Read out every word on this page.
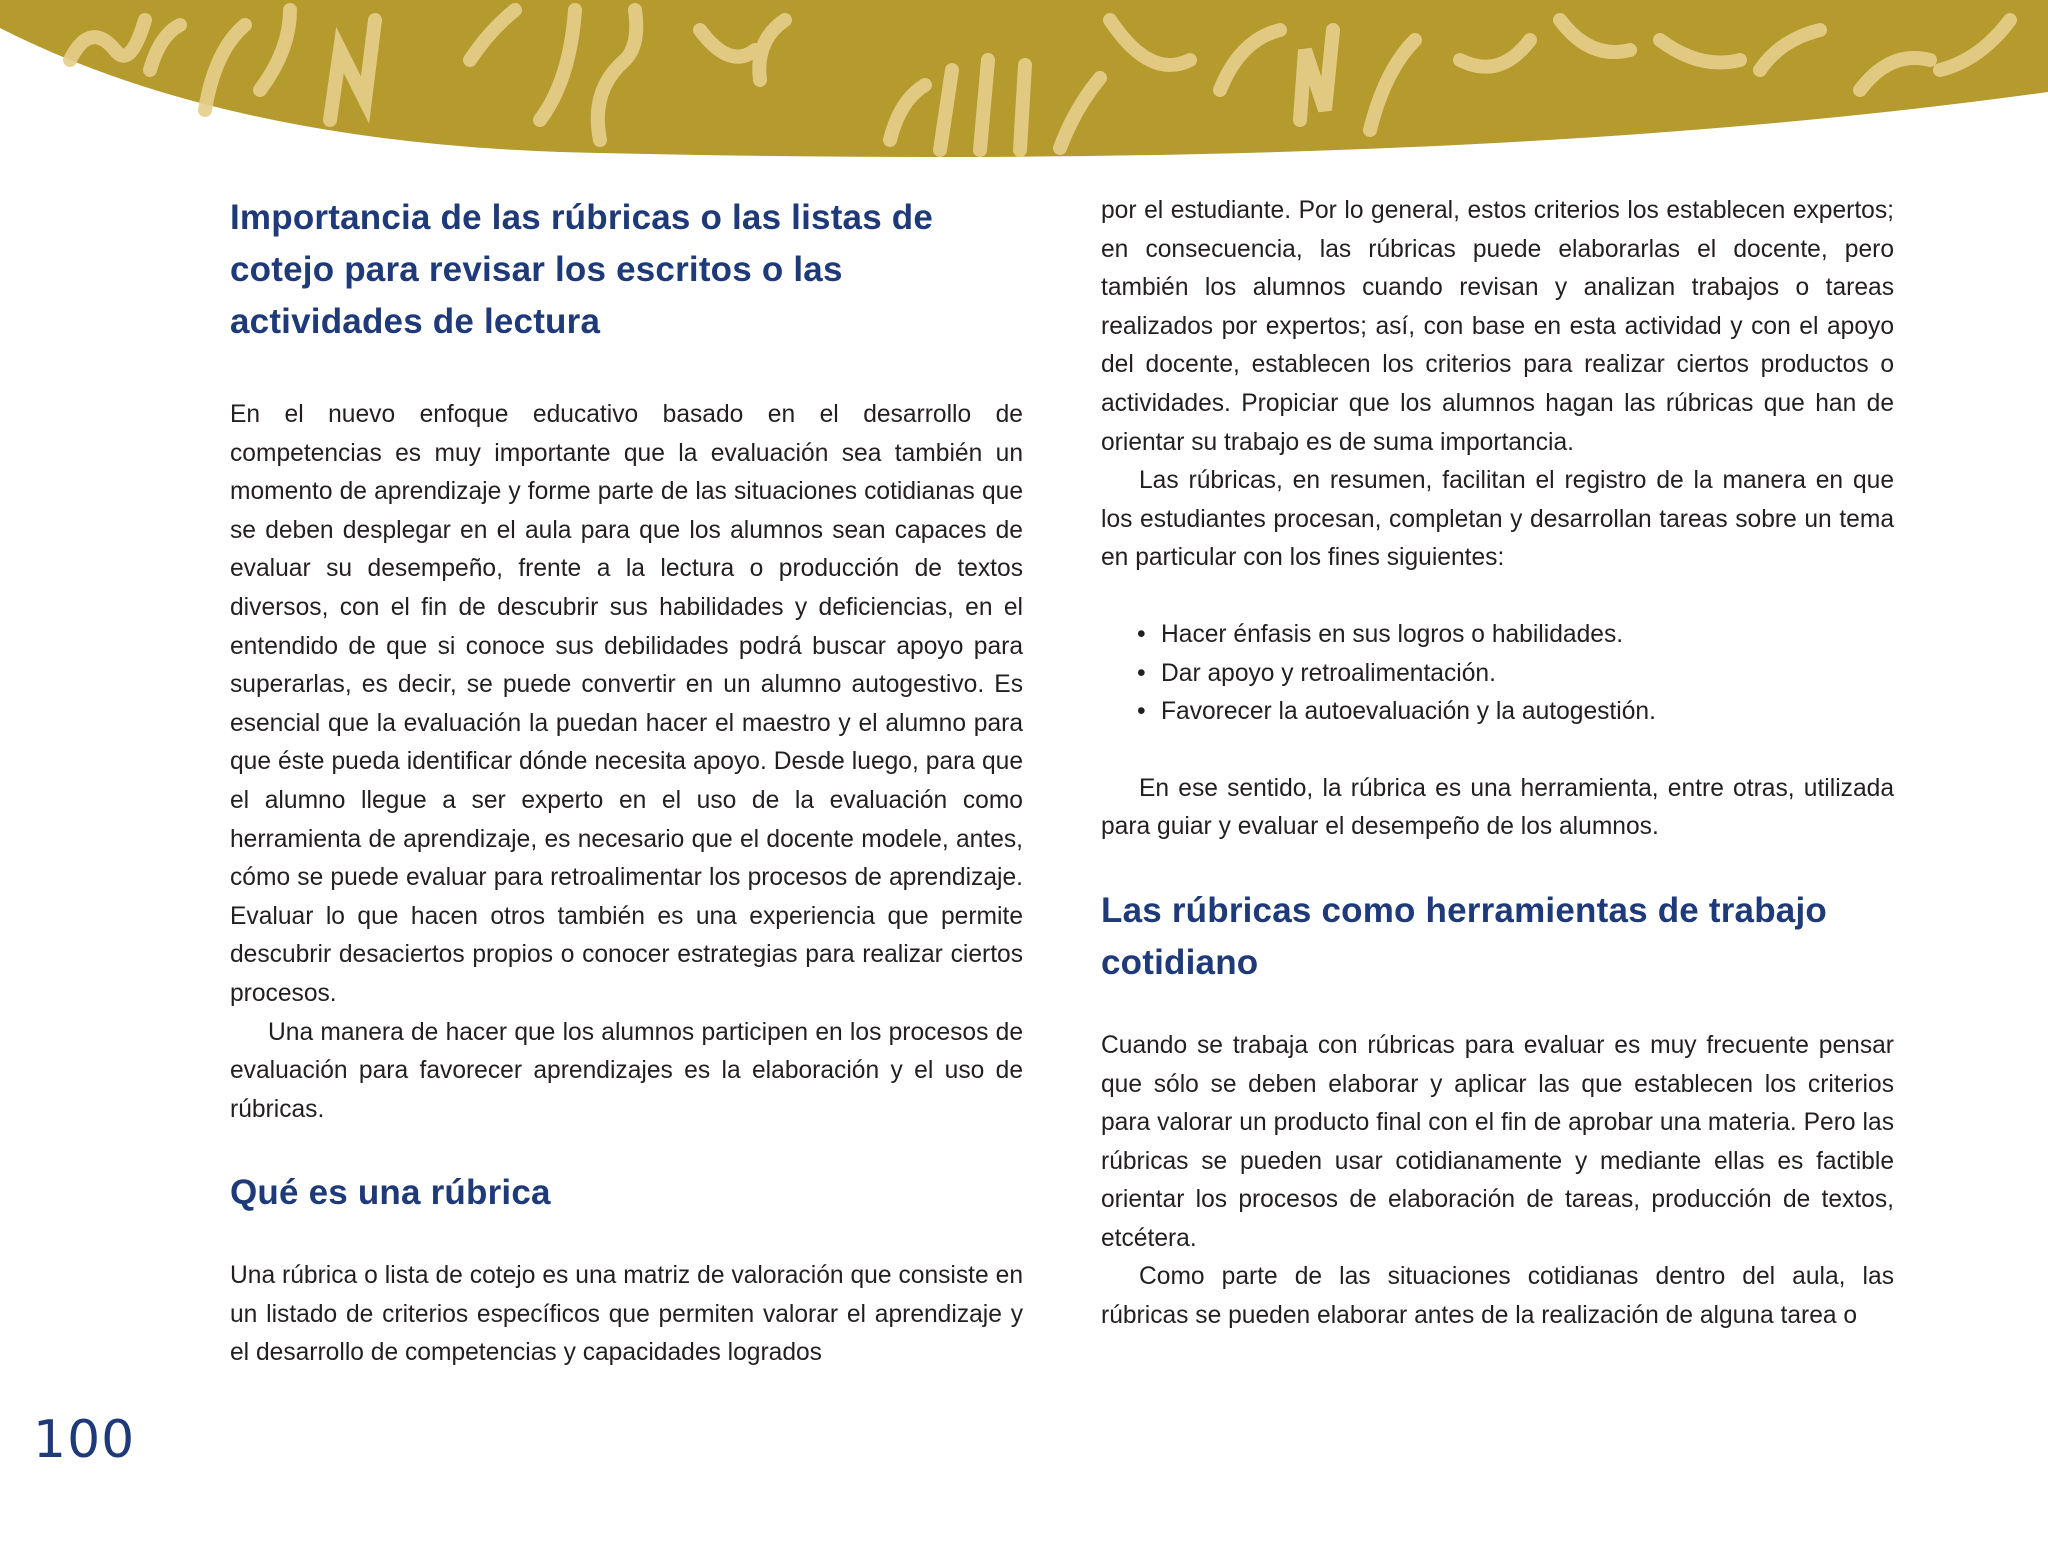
Importancia de las rúbricas o las listas de cotejo para revisar los escritos o las actividades de lectura

En el nuevo enfoque educativo basado en el desarrollo de competencias es muy importante que la evaluación sea también un momento de aprendizaje y forme parte de las situaciones cotidianas que se deben desplegar en el aula para que los alumnos sean capaces de evaluar su desempeño, frente a la lectura o producción de textos diversos, con el fin de descubrir sus habilidades y deficiencias, en el entendido de que si conoce sus debilidades podrá buscar apoyo para superarlas, es decir, se puede convertir en un alumno autogestivo. Es esencial que la evaluación la puedan hacer el maestro y el alumno para que éste pueda identificar dónde necesita apoyo. Desde luego, para que el alumno llegue a ser experto en el uso de la evaluación como herramienta de aprendizaje, es necesario que el docente modele, antes, cómo se puede evaluar para retroalimentar los procesos de aprendizaje. Evaluar lo que hacen otros también es una experiencia que permite descubrir desaciertos propios o conocer estrategias para realizar ciertos procesos.

Una manera de hacer que los alumnos participen en los procesos de evaluación para favorecer aprendizajes es la elaboración y el uso de rúbricas.

Qué es una rúbrica

Una rúbrica o lista de cotejo es una matriz de valoración que consiste en un listado de criterios específicos que permiten valorar el aprendizaje y el desarrollo de competencias y capacidades logrados

por el estudiante. Por lo general, estos criterios los establecen expertos; en consecuencia, las rúbricas puede elaborarlas el docente, pero también los alumnos cuando revisan y analizan trabajos o tareas realizados por expertos; así, con base en esta actividad y con el apoyo del docente, establecen los criterios para realizar ciertos productos o actividades. Propiciar que los alumnos hagan las rúbricas que han de orientar su trabajo es de suma importancia.

Las rúbricas, en resumen, facilitan el registro de la manera en que los estudiantes procesan, completan y desarrollan tareas sobre un tema en particular con los fines siguientes:

• Hacer énfasis en sus logros o habilidades.
• Dar apoyo y retroalimentación.
• Favorecer la autoevaluación y la autogestión.

En ese sentido, la rúbrica es una herramienta, entre otras, utilizada para guiar y evaluar el desempeño de los alumnos.

Las rúbricas como herramientas de trabajo cotidiano

Cuando se trabaja con rúbricas para evaluar es muy frecuente pensar que sólo se deben elaborar y aplicar las que establecen los criterios para valorar un producto final con el fin de aprobar una materia. Pero las rúbricas se pueden usar cotidianamente y mediante ellas es factible orientar los procesos de elaboración de tareas, producción de textos, etcétera.

Como parte de las situaciones cotidianas dentro del aula, las rúbricas se pueden elaborar antes de la realización de alguna tarea o

100
